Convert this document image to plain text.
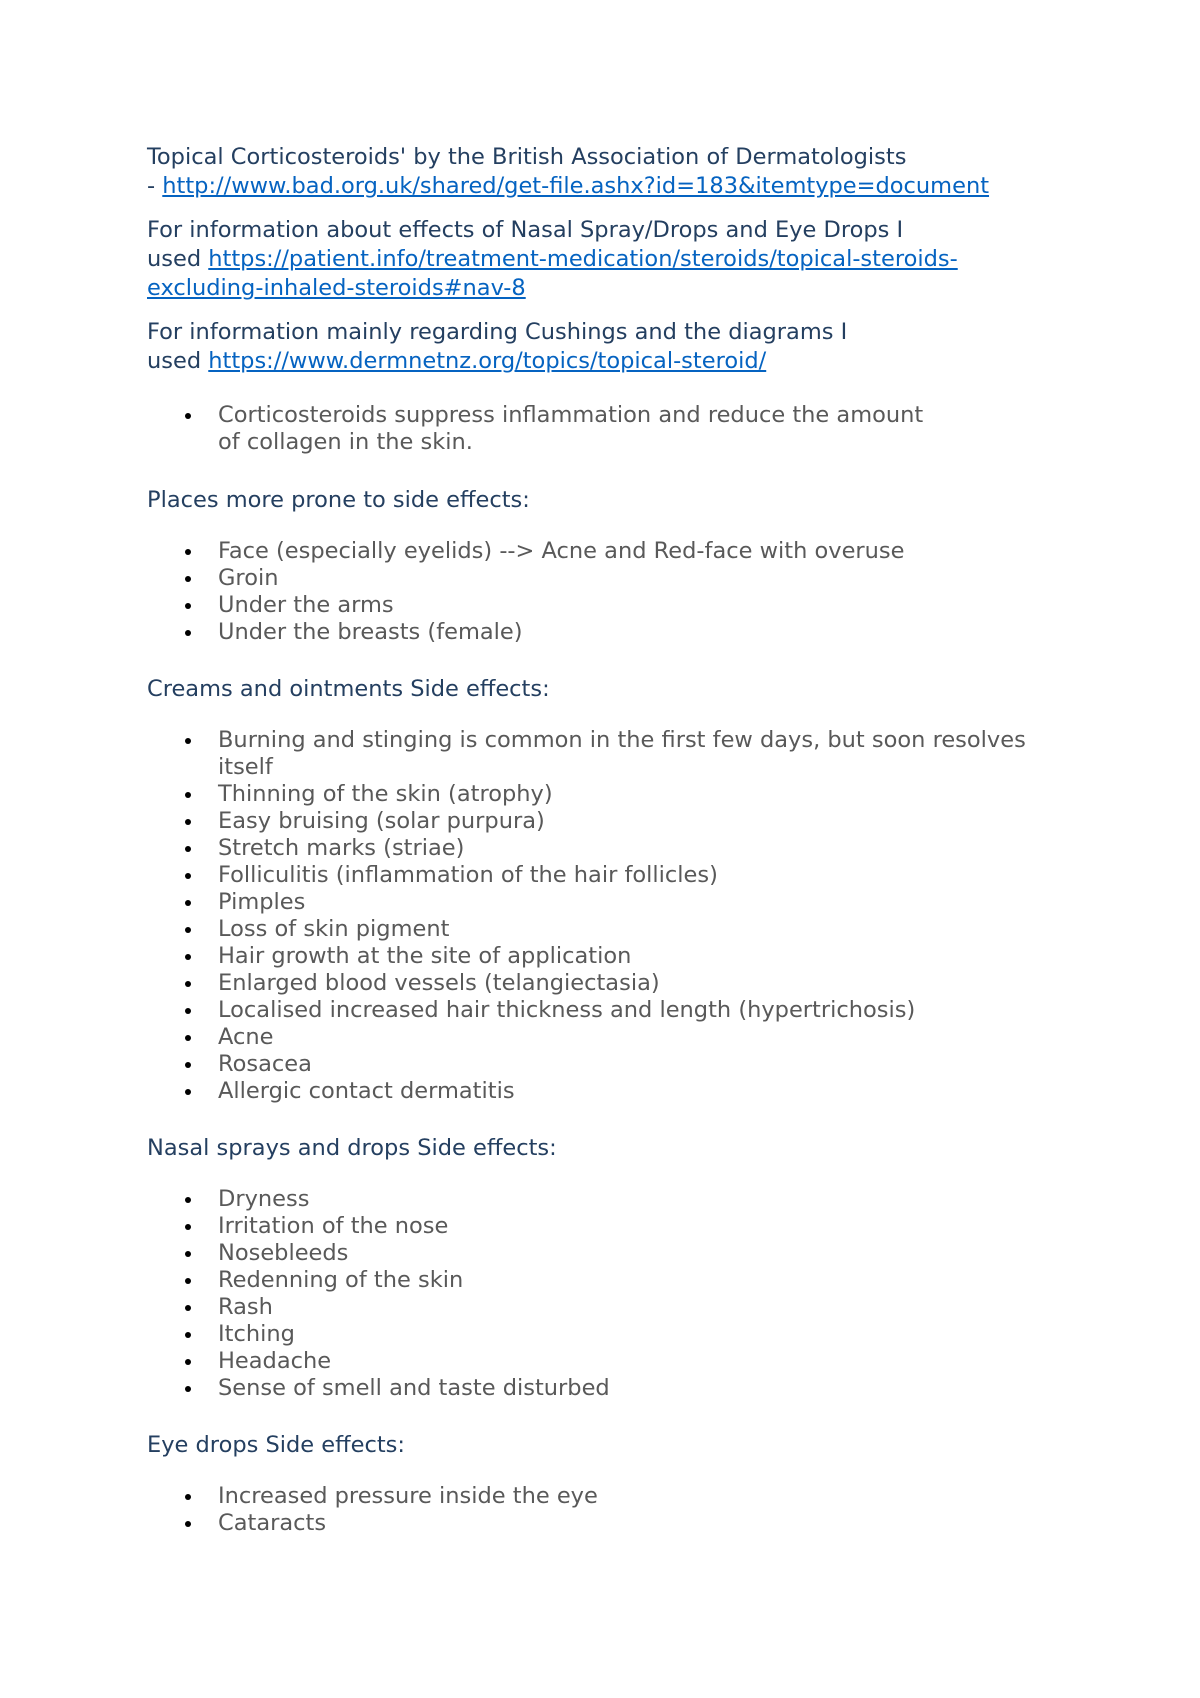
Topical Corticosteroids' by the British Association of Dermatologists
- http://www.bad.org.uk/shared/get-file.ashx?id=183&itemtype=document

For information about effects of Nasal Spray/Drops and Eye Drops I
used https://patient.info/treatment-medication/steroids/topical-steroids-
excluding-inhaled-steroids#nav-8

For information mainly regarding Cushings and the diagrams I
used https://www.dermnetnz.org/topics/topical-steroid/

Corticosteroids suppress inflammation and reduce the amount of collagen in the skin.

Places more prone to side effects:

Face (especially eyelids) --> Acne and Red-face with overuse
Groin
Under the arms
Under the breasts (female)

Creams and ointments Side effects:

Burning and stinging is common in the first few days, but soon resolves itself
Thinning of the skin (atrophy)
Easy bruising (solar purpura)
Stretch marks (striae)
Folliculitis (inflammation of the hair follicles)
Pimples
Loss of skin pigment
Hair growth at the site of application
Enlarged blood vessels (telangiectasia)
Localised increased hair thickness and length (hypertrichosis)
Acne
Rosacea
Allergic contact dermatitis

Nasal sprays and drops Side effects:

Dryness
Irritation of the nose
Nosebleeds
Redenning of the skin
Rash
Itching
Headache
Sense of smell and taste disturbed

Eye drops Side effects:

Increased pressure inside the eye
Cataracts
